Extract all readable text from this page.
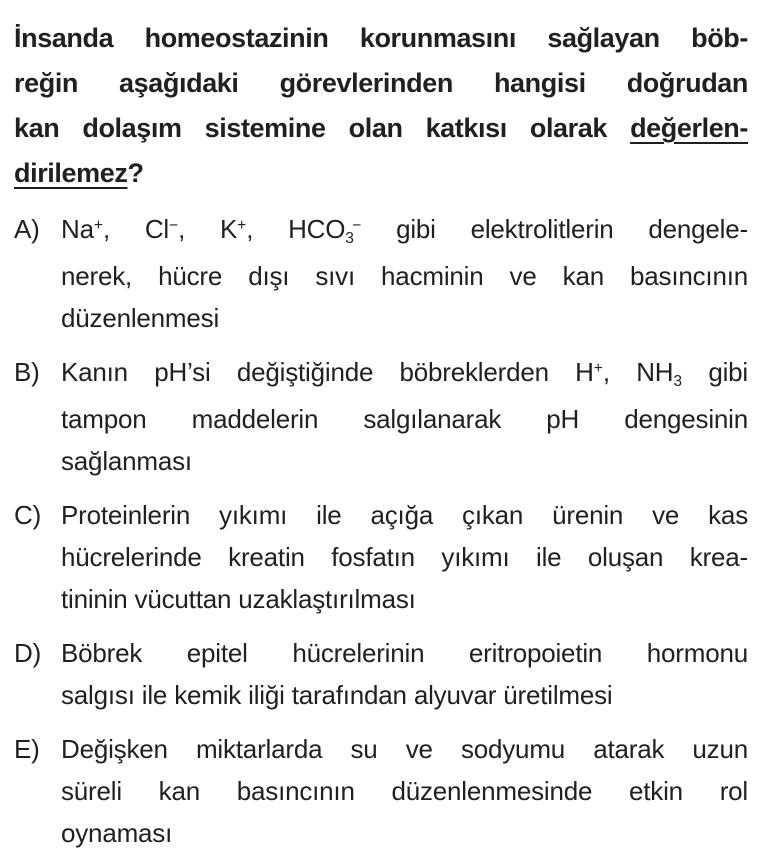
İnsanda homeostazinin korunmasını sağlayan böb-
reğin aşağıdaki görevlerinden hangisi doğrudan
kan dolaşım sistemine olan katkısı olarak değerlen-
dirilemez?
A) Na+, Cl−, K+, HCO3− gibi elektrolitlerin dengele-
nerek, hücre dışı sıvı hacminin ve kan basıncının
düzenlenmesi
B) Kanın pH’si değiştiğinde böbreklerden H+, NH3 gibi
tampon maddelerin salgılanarak pH dengesinin
sağlanması
C) Proteinlerin yıkımı ile açığa çıkan ürenin ve kas
hücrelerinde kreatin fosfatın yıkımı ile oluşan krea-
tininin vücuttan uzaklaştırılması
D) Böbrek epitel hücrelerinin eritropoietin hormonu
salgısı ile kemik iliği tarafından alyuvar üretilmesi
E) Değişken miktarlarda su ve sodyumu atarak uzun
süreli kan basıncının düzenlenmesinde etkin rol
oynaması
